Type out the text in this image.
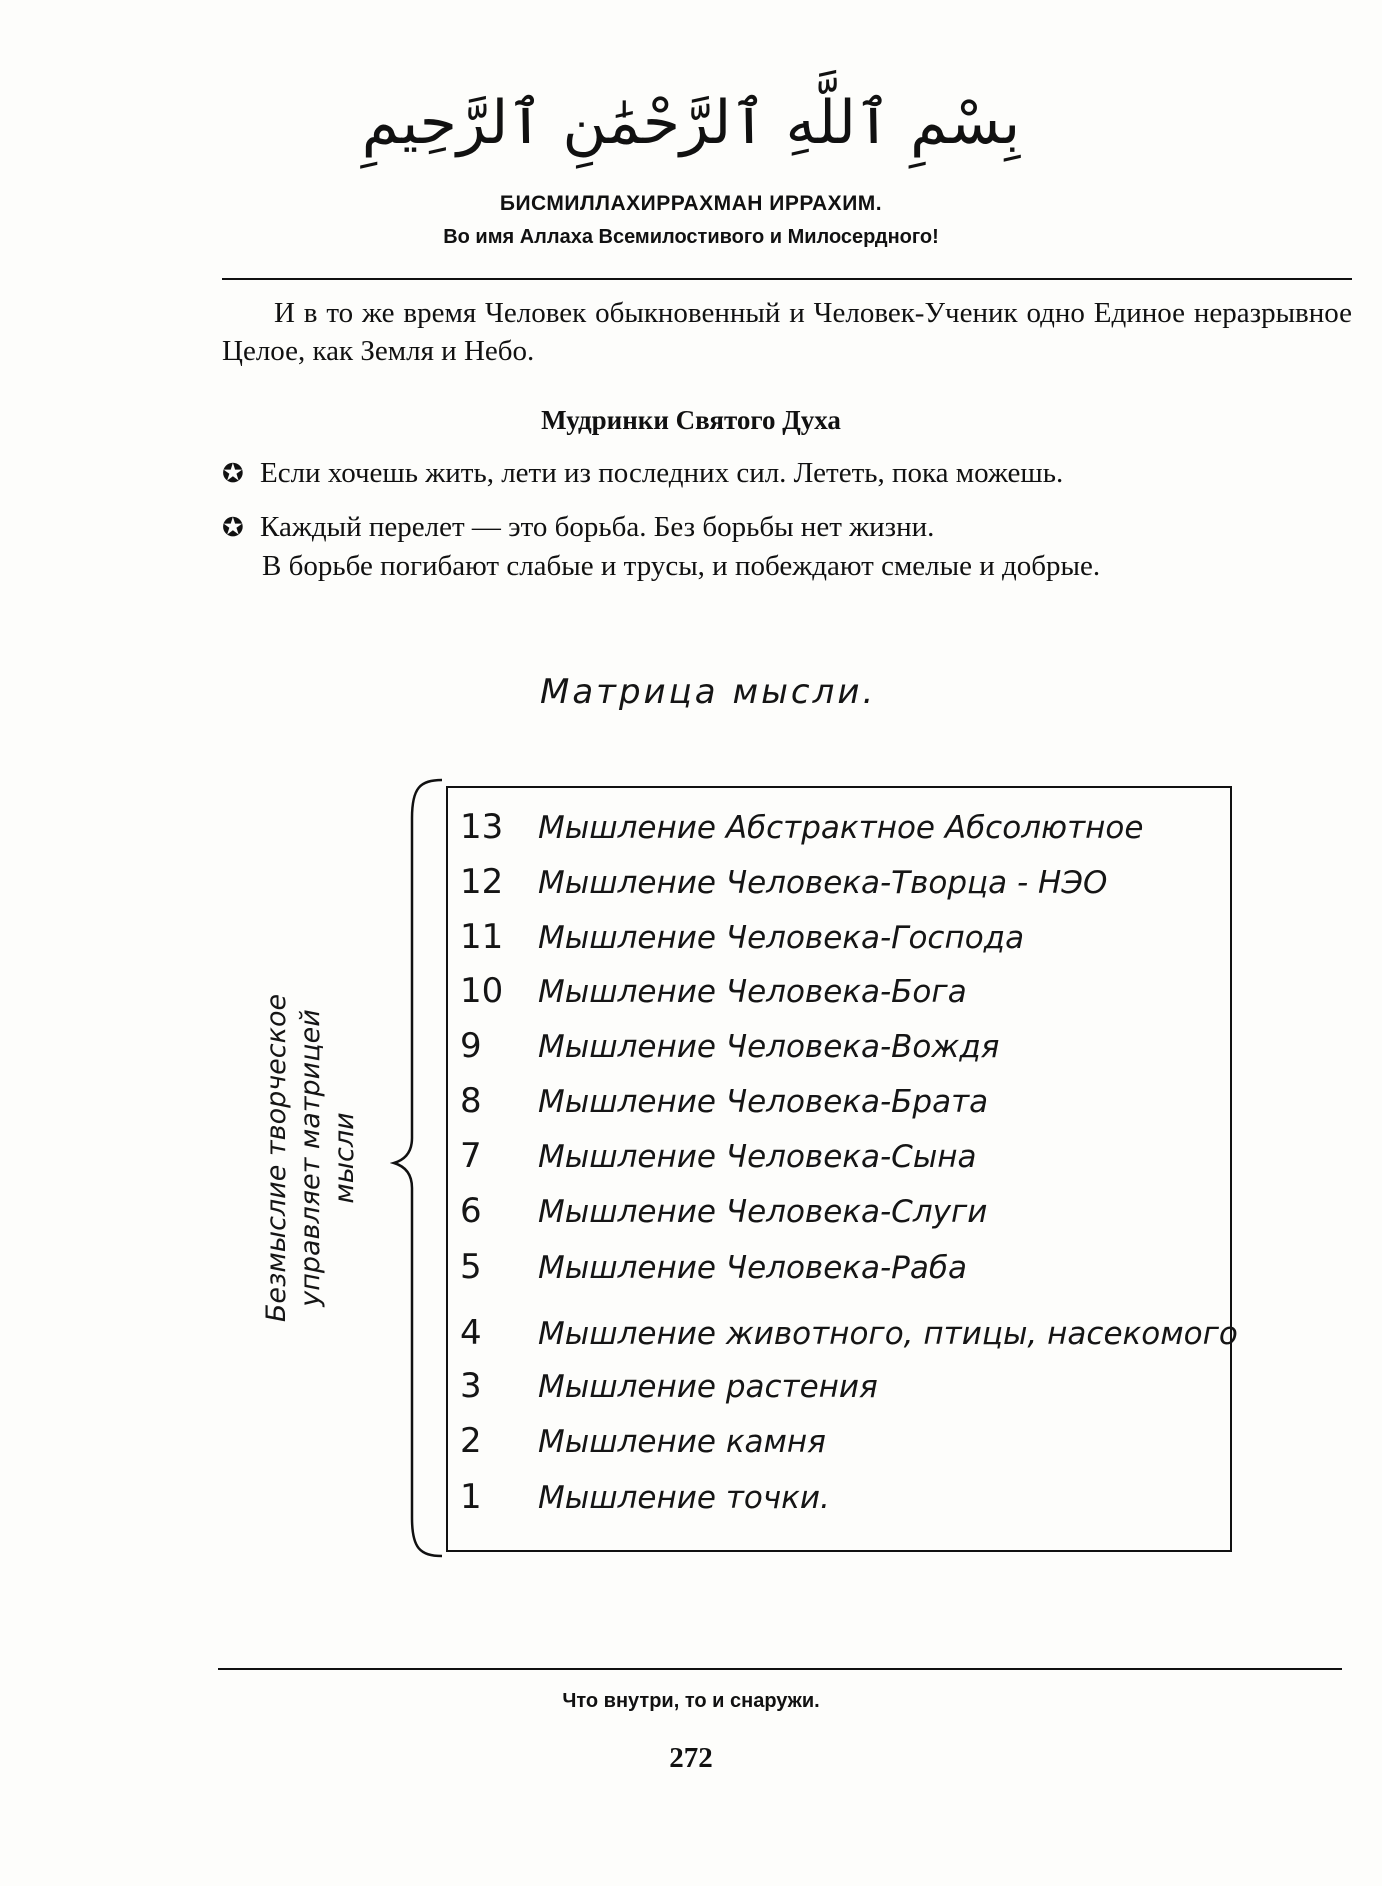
بِسْمِ ٱللَّهِ ٱلرَّحْمَٰنِ ٱلرَّحِيمِ
БИСМИЛЛАХИРРАХМАН ИРРАХИМ.
Во имя Аллаха Всемилостивого и Милосердного!
И в то же время Человек обыкновенный и Человек-Ученик одно Единое неразрывное Целое, как Земля и Небо.
Мудринки Святого Духа
✪ Если хочешь жить, лети из последних сил. Лететь, пока можешь.
✪ Каждый перелет — это борьба. Без борьбы нет жизни.
В борьбе погибают слабые и трусы, и побеждают смелые и добрые.
Матрица мысли.
13 Мышление Абстрактное Абсолютное
12 Мышление Человека-Творца - НЭО
11 Мышление Человека-Господа
10 Мышление Человека-Бога
9 Мышление Человека-Вождя
8 Мышление Человека-Брата
7 Мышление Человека-Сына
6 Мышление Человека-Слуги
5 Мышление Человека-Раба
4 Мышление животного, птицы, насекомого
3 Мышление растения
2 Мышление камня
1 Мышление точки.
Безмыслие творческое управляет матрицей мысли
Что внутри, то и снаружи.
272
